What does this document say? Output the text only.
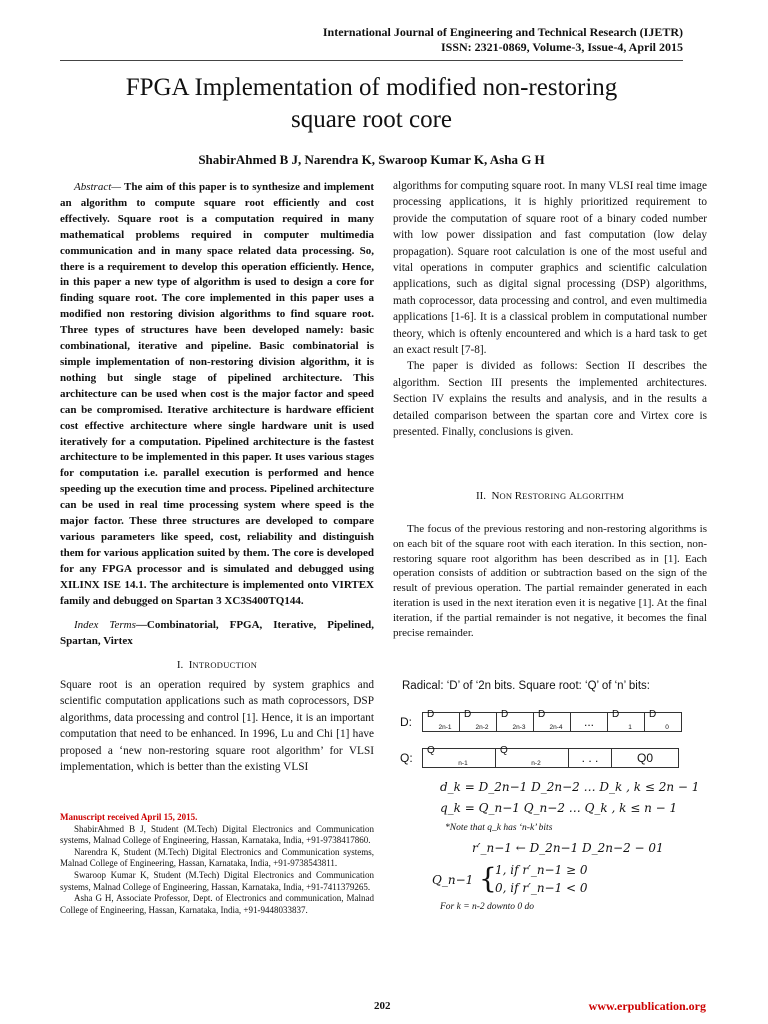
International Journal of Engineering and Technical Research (IJETR)
ISSN: 2321-0869, Volume-3, Issue-4, April 2015
FPGA Implementation of modified non-restoring
square root core
ShabirAhmed B J, Narendra K, Swaroop Kumar K, Asha G H

Abstract— The aim of this paper is to synthesize and implement an algorithm to compute square root efficiently and cost effectively. Square root is a computation required in many mathematical problems required in computer multimedia communication and in many space related data processing. So, there is a requirement to develop this operation efficiently. Hence, in this paper a new type of algorithm is used to design a core for finding square root. The core implemented in this paper uses a modified non restoring division algorithms to find square root. Three types of structures have been developed namely: basic combinational, iterative and pipeline. Basic combinatorial is simple implementation of non-restoring division algorithm, it is nothing but single stage of pipelined architecture. This architecture can be used when cost is the major factor and speed can be compromised. Iterative architecture is hardware efficient cost effective architecture where single hardware unit is used iteratively for a computation. Pipelined architecture is the fastest architecture to be implemented in this paper. It uses various stages for computation i.e. parallel execution is performed and hence speeding up the execution time and process. Pipelined architecture can be used in real time processing system where speed is the major factor. These three structures are developed to compare various parameters like speed, cost, reliability and distinguish them for various application suited by them. The core is developed for any FPGA processor and is simulated and debugged using XILINX ISE 14.1. The architecture is implemented onto VIRTEX family and debugged on Spartan 3 XC3S400TQ144.

Index Terms—Combinatorial, FPGA, Iterative, Pipelined, Spartan, Virtex

I. INTRODUCTION

Square root is an operation required by system graphics and scientific computation applications such as math coprocessors, DSP algorithms, data processing and control [1]. Hence, it is an important computation that need to be enhanced. In 1996, Lu and Chi [1] have proposed a ‘new non-restoring square root algorithm’ for VLSI implementation, which is better than the existing VLSI

Manuscript received April 15, 2015.

ShabirAhmed B J, Student (M.Tech) Digital Electronics and Communication systems, Malnad College of Engineering, Hassan, Karnataka, India, +91-9738417860.

Narendra K, Student (M.Tech) Digital Electronics and Communication systems, Malnad College of Engineering, Hassan, Karnataka, India, +91-9738543811.

Swaroop Kumar K, Student (M.Tech) Digital Electronics and Communication systems, Malnad College of Engineering, Hassan, Karnataka, India, +91-7411379265.

Asha G H, Associate Professor, Dept. of Electronics and communication, Malnad College of Engineering, Hassan, Karnataka, India, +91-9448033837.

algorithms for computing square root. In many VLSI real time image processing applications, it is highly prioritized requirement to provide the computation of square root of a binary coded number with low power dissipation and fast computation (low delay propagation). Square root calculation is one of the most useful and vital operations in computer graphics and scientific calculation applications, such as digital signal processing (DSP) algorithms, math coprocessor, data processing and control, and even multimedia applications [1-6]. It is a classical problem in computational number theory, which is oftenly encountered and which is a hard task to get an exact result [7-8].

The paper is divided as follows: Section II describes the algorithm. Section III presents the implemented architectures. Section IV explains the results and analysis, and in the results a detailed comparison between the spartan core and Virtex core is presented. Finally, conclusions is given.

II. NON RESTORING ALGORITHM

The focus of the previous restoring and non-restoring algorithms is on each bit of the square root with each iteration. In this section, non-restoring square root algorithm has been described as in [1]. Each operation consists of addition or subtraction based on the sign of the result of previous operation. The partial remainder generated in each iteration is used in the next iteration even it is negative [1]. At the final iteration, if the partial remainder is not negative, it becomes the final precise remainder.

Radical: ‘D’ of ‘2n bits. Square root: ‘Q’ of ‘n’ bits:
D:
D
2n-1
D
2n-2
D
2n-3
D
2n-4	...
D
1
D
0
Q:
Q
n-1
Q
n-2	. . .	Q0
d_k = D_2n−1 D_2n−2 … D_k , k ≤ 2n − 1
q_k = Q_n−1 Q_n−2 … Q_k , k ≤ n − 1
*Note that q_k has ‘n-k’ bits
r′_n−1 ← D_2n−1 D_2n−2 − 01
Q_n−1 {
1, if r′_n−1 ≥ 0
0, if r′_n−1 < 0
For k = n-2 downto 0 do
202	www.erpublication.org
